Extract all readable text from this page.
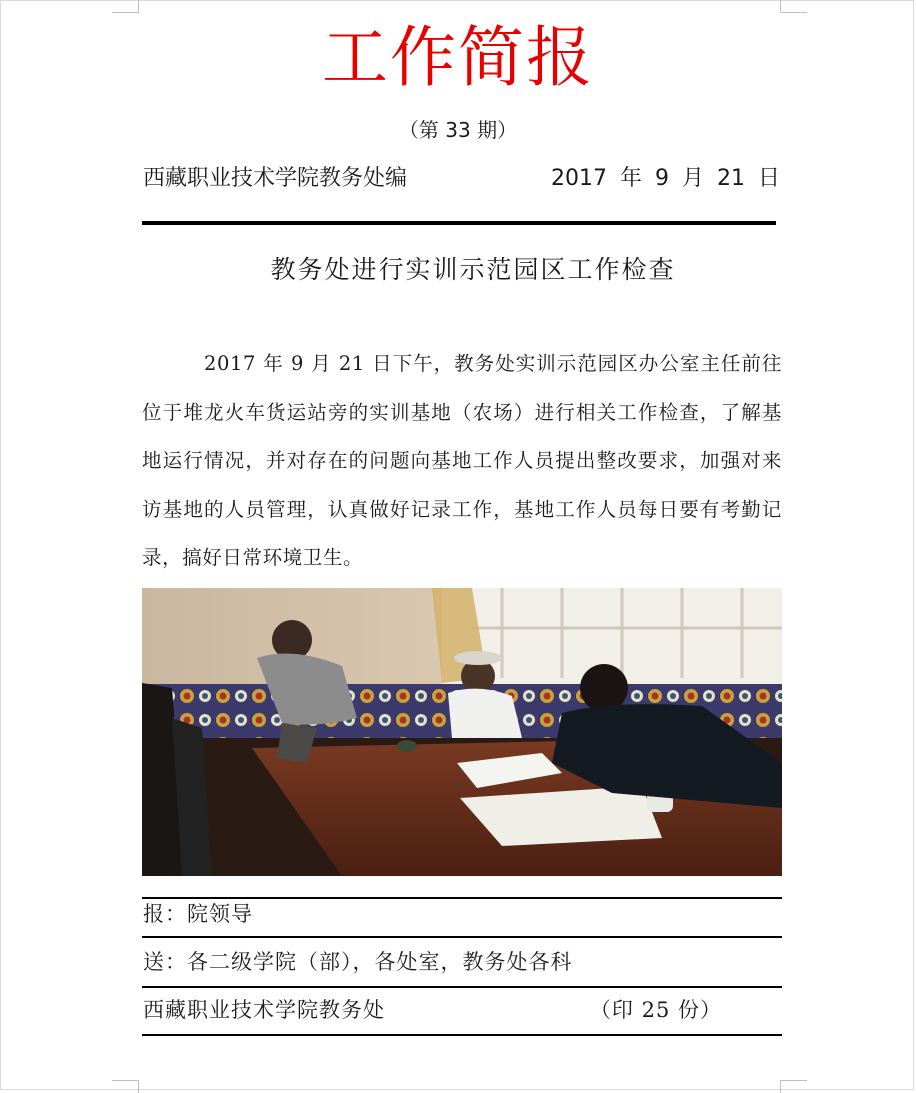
工作简报
（第 33 期）
西藏职业技术学院教务处编	2017 年 9 月 21 日
教务处进行实训示范园区工作检查
2017 年 9 月 21 日下午，教务处实训示范园区办公室主任前往位于堆龙火车货运站旁的实训基地（农场）进行相关工作检查，了解基地运行情况，并对存在的问题向基地工作人员提出整改要求，加强对来访基地的人员管理，认真做好记录工作，基地工作人员每日要有考勤记录，搞好日常环境卫生。
报：院领导
送：各二级学院（部），各处室，教务处各科
西藏职业技术学院教务处	（印 25 份）
